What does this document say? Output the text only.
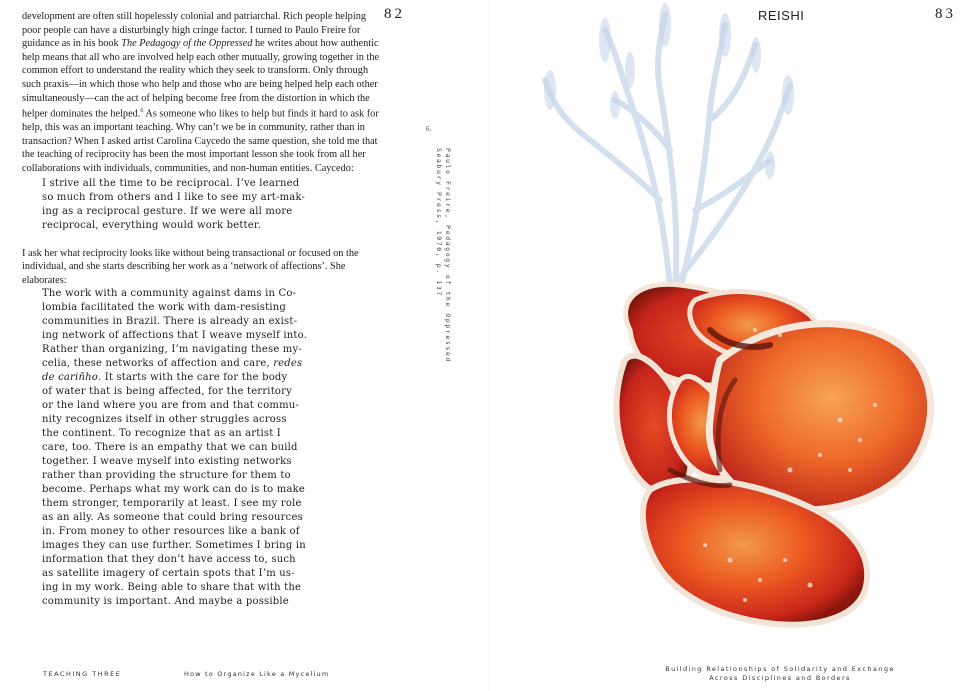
82

development are often still hopelessly colonial and patriarchal. Rich people helping poor people can have a disturbingly high cringe factor. I turned to Paulo Freire for guidance as in his book The Pedagogy of the Oppressed he writes about how authentic help means that all who are involved help each other mutually, growing together in the common effort to understand the reality which they seek to transform. Only through such praxis—in which those who help and those who are being helped help each other simultaneously—can the act of helping become free from the distortion in which the helper dominates the helped.$^6$ As someone who likes to help but finds it hard to ask for help, this was an important teaching. Why can’t we be in community, rather than in transaction? When I asked artist Carolina Caycedo the same question, she told me that the teaching of reciprocity has been the most important lesson she took from all her collaborations with individuals, communities, and non-human entities. Caycedo:

I strive all the time to be reciprocal. I’ve learned

so much from others and I like to see my art-mak-

ing as a reciprocal gesture. If we were all more

reciprocal, everything would work better.

I ask her what reciprocity looks like without being transactional or focused on the individual, and she starts describing her work as a ‘network of affections’. She elaborates:

The work with a community against dams in Co-

lombia facilitated the work with dam-resisting

communities in Brazil. There is already an exist-

ing network of affections that I weave myself into.

Rather than organizing, I’m navigating these my-

celia, these networks of affection and care, redes

de cariñho. It starts with the care for the body

of water that is being affected, for the territory

or the land where you are from and that commu-

nity recognizes itself in other struggles across

the continent. To recognize that as an artist I

care, too. There is an empathy that we can build

together. I weave myself into existing networks

rather than providing the structure for them to

become. Perhaps what my work can do is to make

them stronger, temporarily at least. I see my role

as an ally. As someone that could bring resources

in. From money to other resources like a bank of

images they can use further. Sometimes I bring in

information that they don’t have access to, such

as satellite imagery of certain spots that I’m us-

ing in my work. Being able to share that with the

community is important. And maybe a possible

6.
Paulo Freire, Pedagogy of the Oppressed
Seabury Press, 1970, p. 137
TEACHING THREE	How to Organize Like a Mycelium
REISHI	83
Building Relationships of Solidarity and Exchange
Across Disciplines and Borders
